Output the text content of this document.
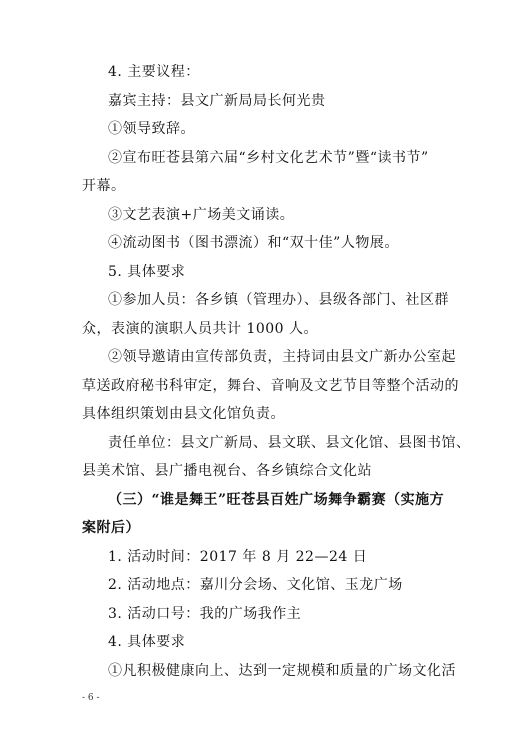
4. 主要议程：
嘉宾主持：县文广新局局长何光贵
①领导致辞。
②宣布旺苍县第六届“乡村文化艺术节”暨“读书节”
开幕。
③文艺表演+广场美文诵读。
④流动图书（图书漂流）和“双十佳”人物展。
5. 具体要求
①参加人员：各乡镇（管理办）、县级各部门、社区群
众，表演的演职人员共计 1000 人。
②领导邀请由宣传部负责，主持词由县文广新办公室起
草送政府秘书科审定，舞台、音响及文艺节目等整个活动的
具体组织策划由县文化馆负责。
责任单位：县文广新局、县文联、县文化馆、县图书馆、
县美术馆、县广播电视台、各乡镇综合文化站
（三）“谁是舞王”旺苍县百姓广场舞争霸赛（实施方
案附后）
1. 活动时间：2017 年 8 月 22—24 日
2. 活动地点：嘉川分会场、文化馆、玉龙广场
3. 活动口号：我的广场我作主
4. 具体要求
①凡积极健康向上、达到一定规模和质量的广场文化活
- 6 -
